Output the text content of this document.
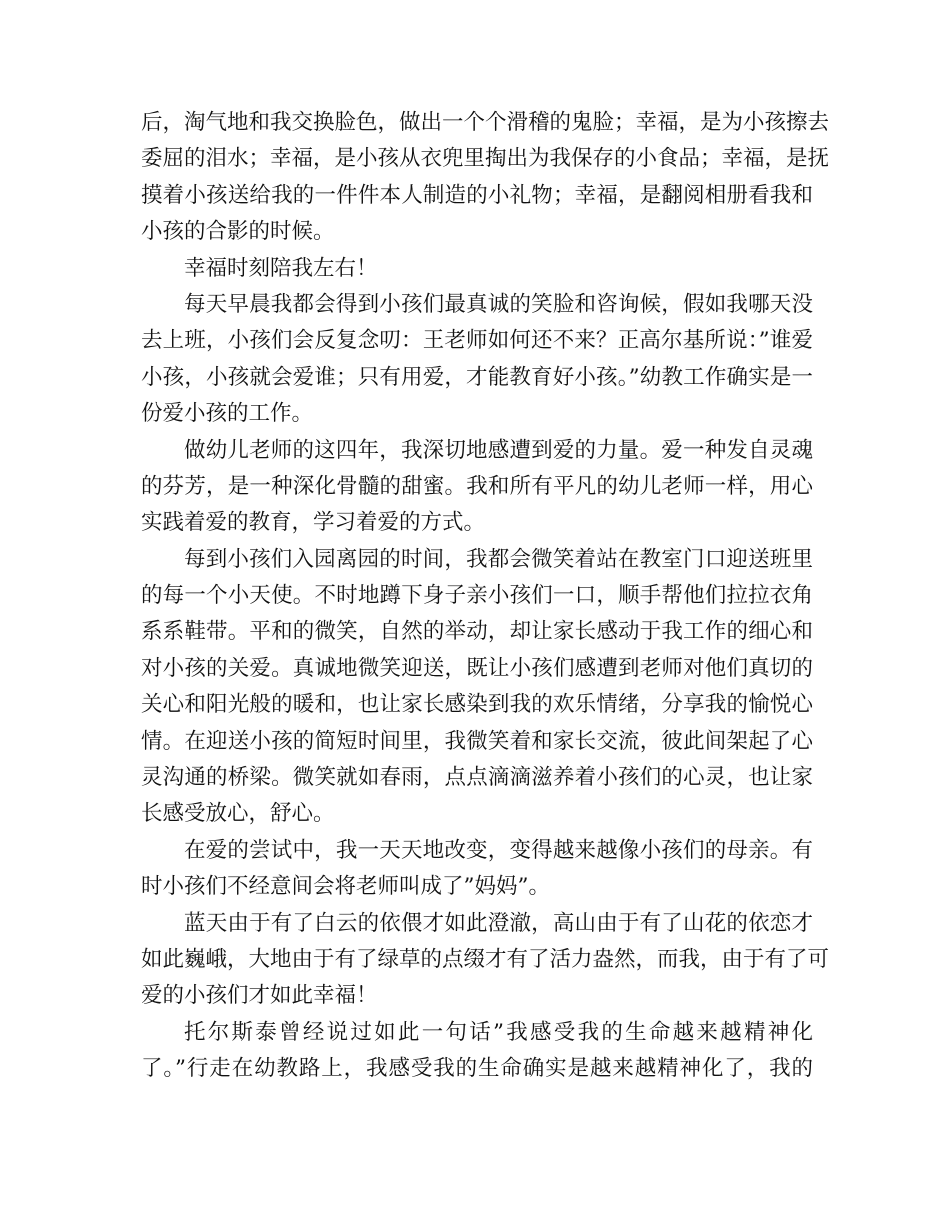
后，淘气地和我交换脸色，做出一个个滑稽的鬼脸；幸福，是为小孩擦去
委屈的泪水；幸福，是小孩从衣兜里掏出为我保存的小食品；幸福，是抚
摸着小孩送给我的一件件本人制造的小礼物；幸福，是翻阅相册看我和
小孩的合影的时候。
幸福时刻陪我左右！
每天早晨我都会得到小孩们最真诚的笑脸和咨询候，假如我哪天没
去上班，小孩们会反复念叨：王老师如何还不来？正高尔基所说：”谁爱
小孩，小孩就会爱谁；只有用爱，才能教育好小孩。”幼教工作确实是一
份爱小孩的工作。
做幼儿老师的这四年，我深切地感遭到爱的力量。爱一种发自灵魂
的芬芳，是一种深化骨髓的甜蜜。我和所有平凡的幼儿老师一样，用心
实践着爱的教育，学习着爱的方式。
每到小孩们入园离园的时间，我都会微笑着站在教室门口迎送班里
的每一个小天使。不时地蹲下身子亲小孩们一口，顺手帮他们拉拉衣角
系系鞋带。平和的微笑，自然的举动，却让家长感动于我工作的细心和
对小孩的关爱。真诚地微笑迎送，既让小孩们感遭到老师对他们真切的
关心和阳光般的暖和，也让家长感染到我的欢乐情绪，分享我的愉悦心
情。在迎送小孩的简短时间里，我微笑着和家长交流，彼此间架起了心
灵沟通的桥梁。微笑就如春雨，点点滴滴滋养着小孩们的心灵，也让家
长感受放心，舒心。
在爱的尝试中，我一天天地改变，变得越来越像小孩们的母亲。有
时小孩们不经意间会将老师叫成了”妈妈”。
蓝天由于有了白云的依偎才如此澄澈，高山由于有了山花的依恋才
如此巍峨，大地由于有了绿草的点缀才有了活力盎然，而我，由于有了可
爱的小孩们才如此幸福！
托尔斯泰曾经说过如此一句话”我感受我的生命越来越精神化
了。”行走在幼教路上，我感受我的生命确实是越来越精神化了，我的
